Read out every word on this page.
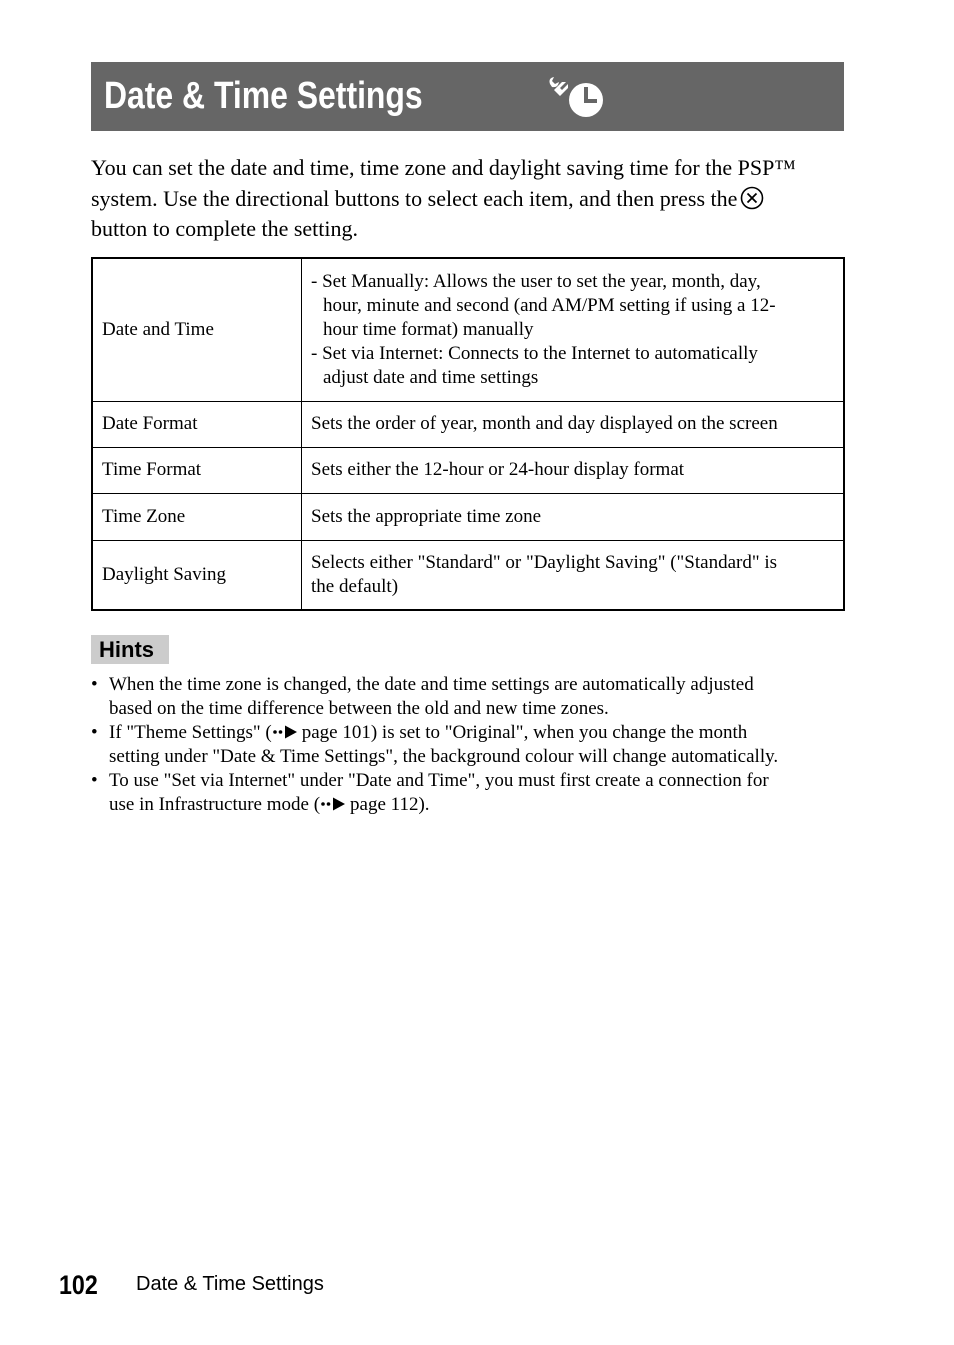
Date & Time Settings

You can set the date and time, time zone and daylight saving time for the PSP™

system. Use the directional buttons to select each item, and then press the

button to complete the setting.

Date and Time	- Set Manually: Allows the user to set the year, month, day,
hour, minute and second (and AM/PM setting if using a 12-
hour time format) manually
- Set via Internet: Connects to the Internet to automatically
adjust date and time settings

Date Format	Sets the order of year, month and day displayed on the screen
Time Format	Sets either the 12-hour or 24-hour display format
Time Zone	Sets the appropriate time zone
Daylight Saving	Selects either "Standard" or "Daylight Saving" ("Standard" is
the default)
Hints
• When the time zone is changed, the date and time settings are automatically adjusted
based on the time difference between the old and new time zones.
• If "Theme Settings" ( page 101) is set to "Original", when you change the month
setting under "Date & Time Settings", the background colour will change automatically.
• To use "Set via Internet" under "Date and Time", you must first create a connection for
use in Infrastructure mode ( page 112).
102 Date & Time Settings
